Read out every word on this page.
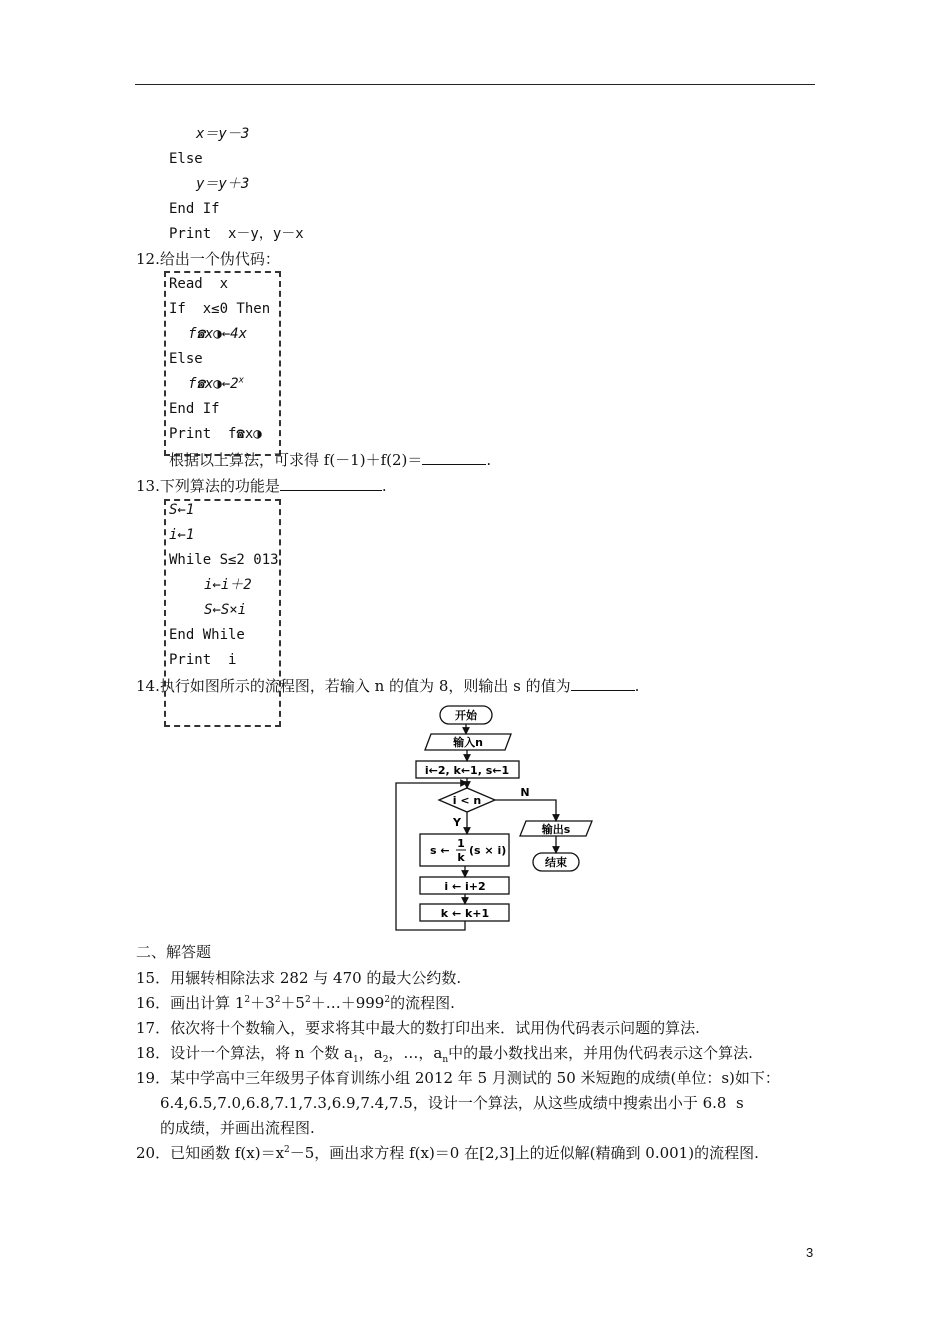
x＝y－3
Else
y＝y＋3
End If
Print  x－y，y－x
12.给出一个伪代码：
Read  x
If  x≤0 Then
f☎x◑←4x
Else
f☎x◑←2$^x$
End If
Print  f☎x◑
根据以上算法，可求得 f(－1)＋f(2)＝	.
13.下列算法的功能是	.
S←1
i←1
While S≤2 013
i←i＋2
S←S×i
End While
Print  i
14.执行如图所示的流程图，若输入 n 的值为 8，则输出 s 的值为	.
开始
输入n
i←2, k←1, s←1
i < n
Y
N
s ←
1
k
(s × i)
i ← i+2
k ← k+1
输出s
结束
二、解答题
15．用辗转相除法求 282 与 470 的最大公约数.
16．画出计算 $1^2+3^2+5^2+\dots+999^2$的流程图.
17．依次将十个数输入，要求将其中最大的数打印出来．试用伪代码表示问题的算法.
18．设计一个算法，将 n 个数 $a_1$，$a_2$，…，$a_n$中的最小数找出来，并用伪代码表示这个算法.
19．某中学高中三年级男子体育训练小组 2012 年 5 月测试的 50 米短跑的成绩(单位：s)如下：
6.4,6.5,7.0,6.8,7.1,7.3,6.9,7.4,7.5，设计一个算法，从这些成绩中搜索出小于 6.8  s
的成绩，并画出流程图.
20．已知函数 $f(x)=x^2-5$，画出求方程 f(x)＝0 在[2,3]上的近似解(精确到 0.001)的流程图.
3
